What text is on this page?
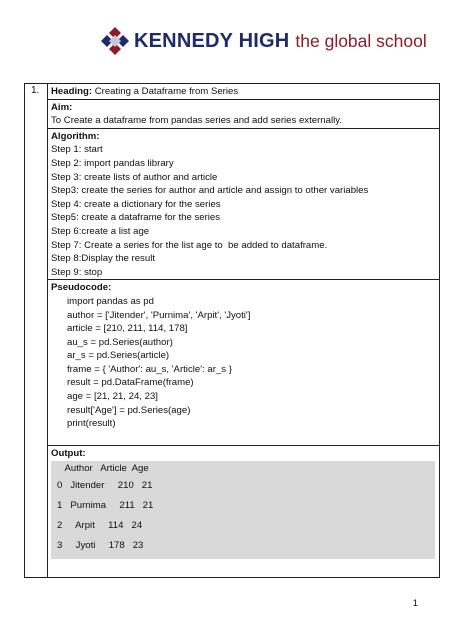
KENNEDY HIGH the global school
1.	Heading: Creating a Dataframe from Series
Aim:
To Create a dataframe from pandas series and add series externally.
Algorithm:
Step 1: start
Step 2: import pandas library
Step 3: create lists of author and article
Step3: create the series for author and article and assign to other variables
Step 4: create a dictionary for the series
Step5: create a dataframe for the series
Step 6:create a list age
Step 7: Create a series for the list age to  be added to dataframe.
Step 8:Display the result
Step 9: stop
Pseudocode:
import pandas as pd
author = ['Jitender', 'Purnima', 'Arpit', 'Jyoti']
article = [210, 211, 114, 178]
au_s = pd.Series(author)
ar_s = pd.Series(article)
frame = { 'Author': au_s, 'Article': ar_s }
result = pd.DataFrame(frame)
age = [21, 21, 24, 23]
result['Age'] = pd.Series(age)
print(result)
Output:
Author   Article  Age
0   Jitender     210   21
1   Purnima     211   21
2     Arpit     114   24
3     Jyoti     178   23
1
